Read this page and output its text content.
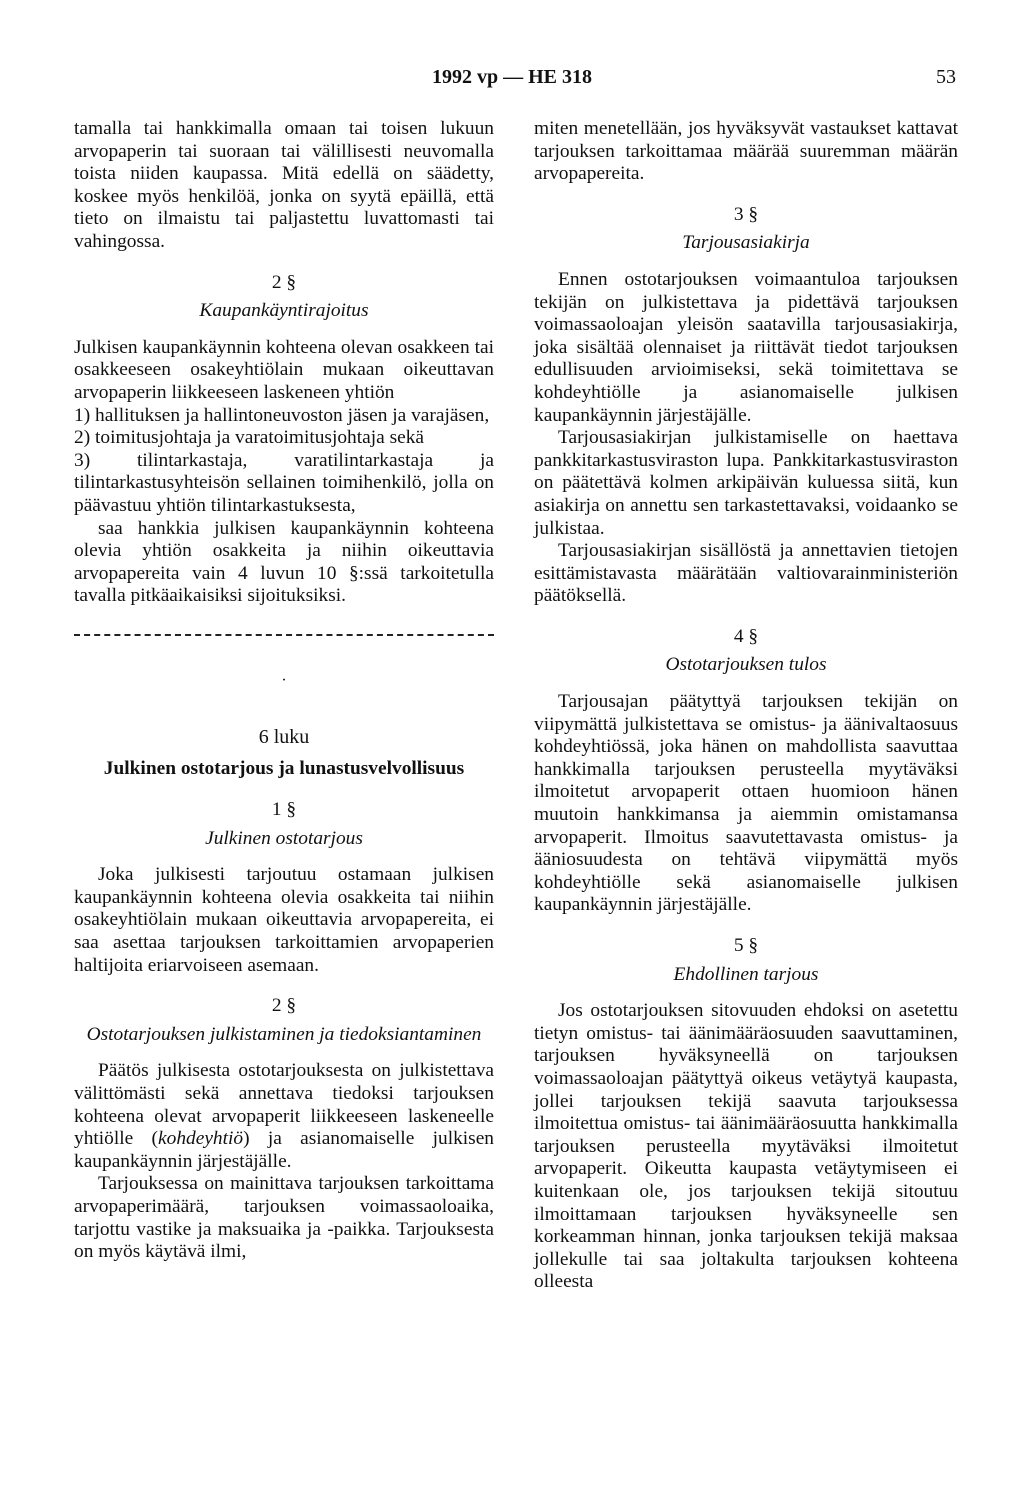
1992 vp — HE 318	53

tamalla tai hankkimalla omaan tai toisen lukuun arvopaperin tai suoraan tai välillisesti neuvomalla toista niiden kaupassa. Mitä edellä on säädetty, koskee myös henkilöä, jonka on syytä epäillä, että tieto on ilmaistu tai paljastettu luvattomasti tai vahingossa.

2 §
Kaupankäyntirajoitus

Julkisen kaupankäynnin kohteena olevan osakkeen tai osakkeeseen osakeyhtiölain mukaan oikeuttavan arvopaperin liikkeeseen laskeneen yhtiön

1) hallituksen ja hallintoneuvoston jäsen ja varajäsen,

2) toimitusjohtaja ja varatoimitusjohtaja sekä

3) tilintarkastaja, varatilintarkastaja ja tilintarkastusyhteisön sellainen toimihenkilö, jolla on päävastuu yhtiön tilintarkastuksesta,

saa hankkia julkisen kaupankäynnin kohteena olevia yhtiön osakkeita ja niihin oikeuttavia arvopapereita vain 4 luvun 10 §:ssä tarkoitetulla tavalla pitkäaikaisiksi sijoituksiksi.

·
6 luku
Julkinen ostotarjous ja lunastusvelvollisuus
1 §
Julkinen ostotarjous

Joka julkisesti tarjoutuu ostamaan julkisen kaupankäynnin kohteena olevia osakkeita tai niihin osakeyhtiölain mukaan oikeuttavia arvopapereita, ei saa asettaa tarjouksen tarkoittamien arvopaperien haltijoita eriarvoiseen asemaan.

2 §
Ostotarjouksen julkistaminen ja tiedoksiantaminen

Päätös julkisesta ostotarjouksesta on julkistettava välittömästi sekä annettava tiedoksi tarjouksen kohteena olevat arvopaperit liikkeeseen laskeneelle yhtiölle (kohdeyhtiö) ja asianomaiselle julkisen kaupankäynnin järjestäjälle.

Tarjouksessa on mainittava tarjouksen tarkoittama arvopaperimäärä, tarjouksen voimassaoloaika, tarjottu vastike ja maksuaika ja -paikka. Tarjouksesta on myös käytävä ilmi,

miten menetellään, jos hyväksyvät vastaukset kattavat tarjouksen tarkoittamaa määrää suuremman määrän arvopapereita.

3 §
Tarjousasiakirja

Ennen ostotarjouksen voimaantuloa tarjouksen tekijän on julkistettava ja pidettävä tarjouksen voimassaoloajan yleisön saatavilla tarjousasiakirja, joka sisältää olennaiset ja riittävät tiedot tarjouksen edullisuuden arvioimiseksi, sekä toimitettava se kohdeyhtiölle ja asianomaiselle julkisen kaupankäynnin järjestäjälle.

Tarjousasiakirjan julkistamiselle on haettava pankkitarkastusviraston lupa. Pankkitarkastusviraston on päätettävä kolmen arkipäivän kuluessa siitä, kun asiakirja on annettu sen tarkastettavaksi, voidaanko se julkistaa.

Tarjousasiakirjan sisällöstä ja annettavien tietojen esittämistavasta määrätään valtiovarainministeriön päätöksellä.

4 §
Ostotarjouksen tulos

Tarjousajan päätyttyä tarjouksen tekijän on viipymättä julkistettava se omistus- ja äänivaltaosuus kohdeyhtiössä, joka hänen on mahdollista saavuttaa hankkimalla tarjouksen perusteella myytäväksi ilmoitetut arvopaperit ottaen huomioon hänen muutoin hankkimansa ja aiemmin omistamansa arvopaperit. Ilmoitus saavutettavasta omistus- ja ääniosuudesta on tehtävä viipymättä myös kohdeyhtiölle sekä asianomaiselle julkisen kaupankäynnin järjestäjälle.

5 §
Ehdollinen tarjous

Jos ostotarjouksen sitovuuden ehdoksi on asetettu tietyn omistus- tai äänimääräosuuden saavuttaminen, tarjouksen hyväksyneellä on tarjouksen voimassaoloajan päätyttyä oikeus vetäytyä kaupasta, jollei tarjouksen tekijä saavuta tarjouksessa ilmoitettua omistus- tai äänimääräosuutta hankkimalla tarjouksen perusteella myytäväksi ilmoitetut arvopaperit. Oikeutta kaupasta vetäytymiseen ei kuitenkaan ole, jos tarjouksen tekijä sitoutuu ilmoittamaan tarjouksen hyväksyneelle sen korkeamman hinnan, jonka tarjouksen tekijä maksaa jollekulle tai saa joltakulta tarjouksen kohteena olleesta
